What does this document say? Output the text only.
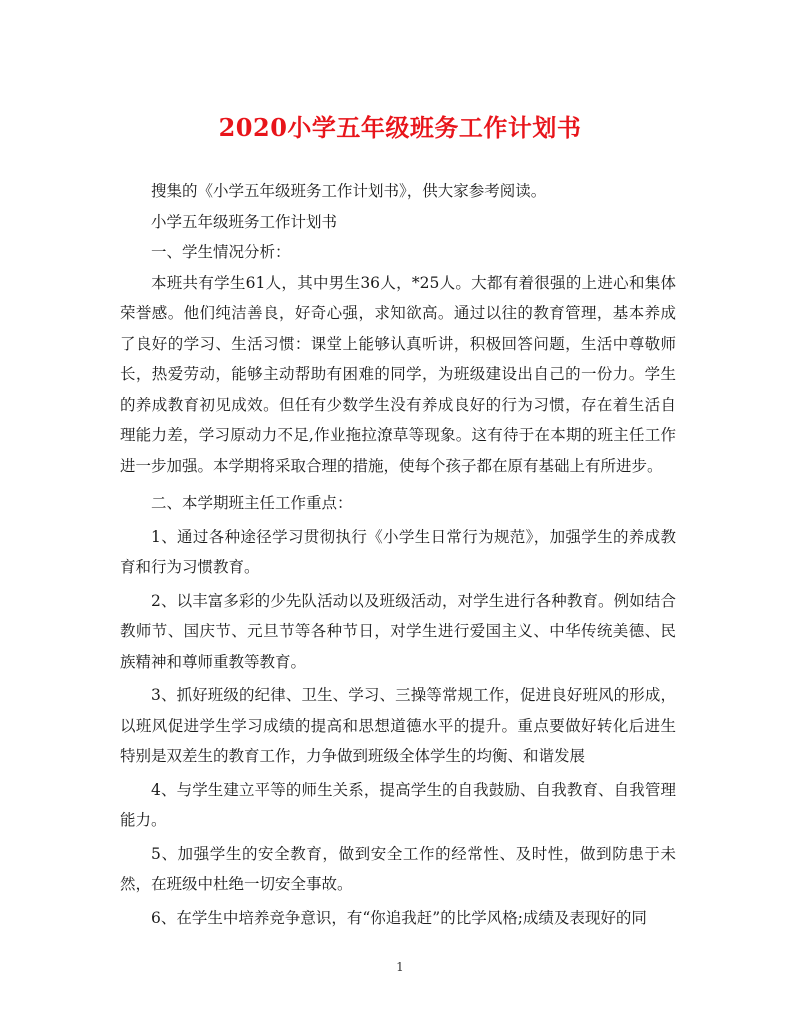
2020小学五年级班务工作计划书

搜集的《小学五年级班务工作计划书》，供大家参考阅读。

小学五年级班务工作计划书

一、学生情况分析：

本班共有学生61人，其中男生36人，*25人。大都有着很强的上进心和集体荣誉感。他们纯洁善良，好奇心强，求知欲高。通过以往的教育管理，基本养成了良好的学习、生活习惯：课堂上能够认真听讲，积极回答问题，生活中尊敬师长，热爱劳动，能够主动帮助有困难的同学，为班级建设出自己的一份力。学生的养成教育初见成效。但任有少数学生没有养成良好的行为习惯，存在着生活自理能力差，学习原动力不足,作业拖拉潦草等现象。这有待于在本期的班主任工作进一步加强。本学期将采取合理的措施，使每个孩子都在原有基础上有所进步。

二、本学期班主任工作重点：

1、通过各种途径学习贯彻执行《小学生日常行为规范》，加强学生的养成教育和行为习惯教育。

2、以丰富多彩的少先队活动以及班级活动，对学生进行各种教育。例如结合教师节、国庆节、元旦节等各种节日，对学生进行爱国主义、中华传统美德、民族精神和尊师重教等教育。

3、抓好班级的纪律、卫生、学习、三操等常规工作，促进良好班风的形成，以班风促进学生学习成绩的提高和思想道德水平的提升。重点要做好转化后进生特别是双差生的教育工作，力争做到班级全体学生的均衡、和谐发展

4、与学生建立平等的师生关系，提高学生的自我鼓励、自我教育、自我管理能力。

5、加强学生的安全教育，做到安全工作的经常性、及时性，做到防患于未然，在班级中杜绝一切安全事故。

6、在学生中培养竞争意识，有“你追我赶”的比学风格;成绩及表现好的同

1
